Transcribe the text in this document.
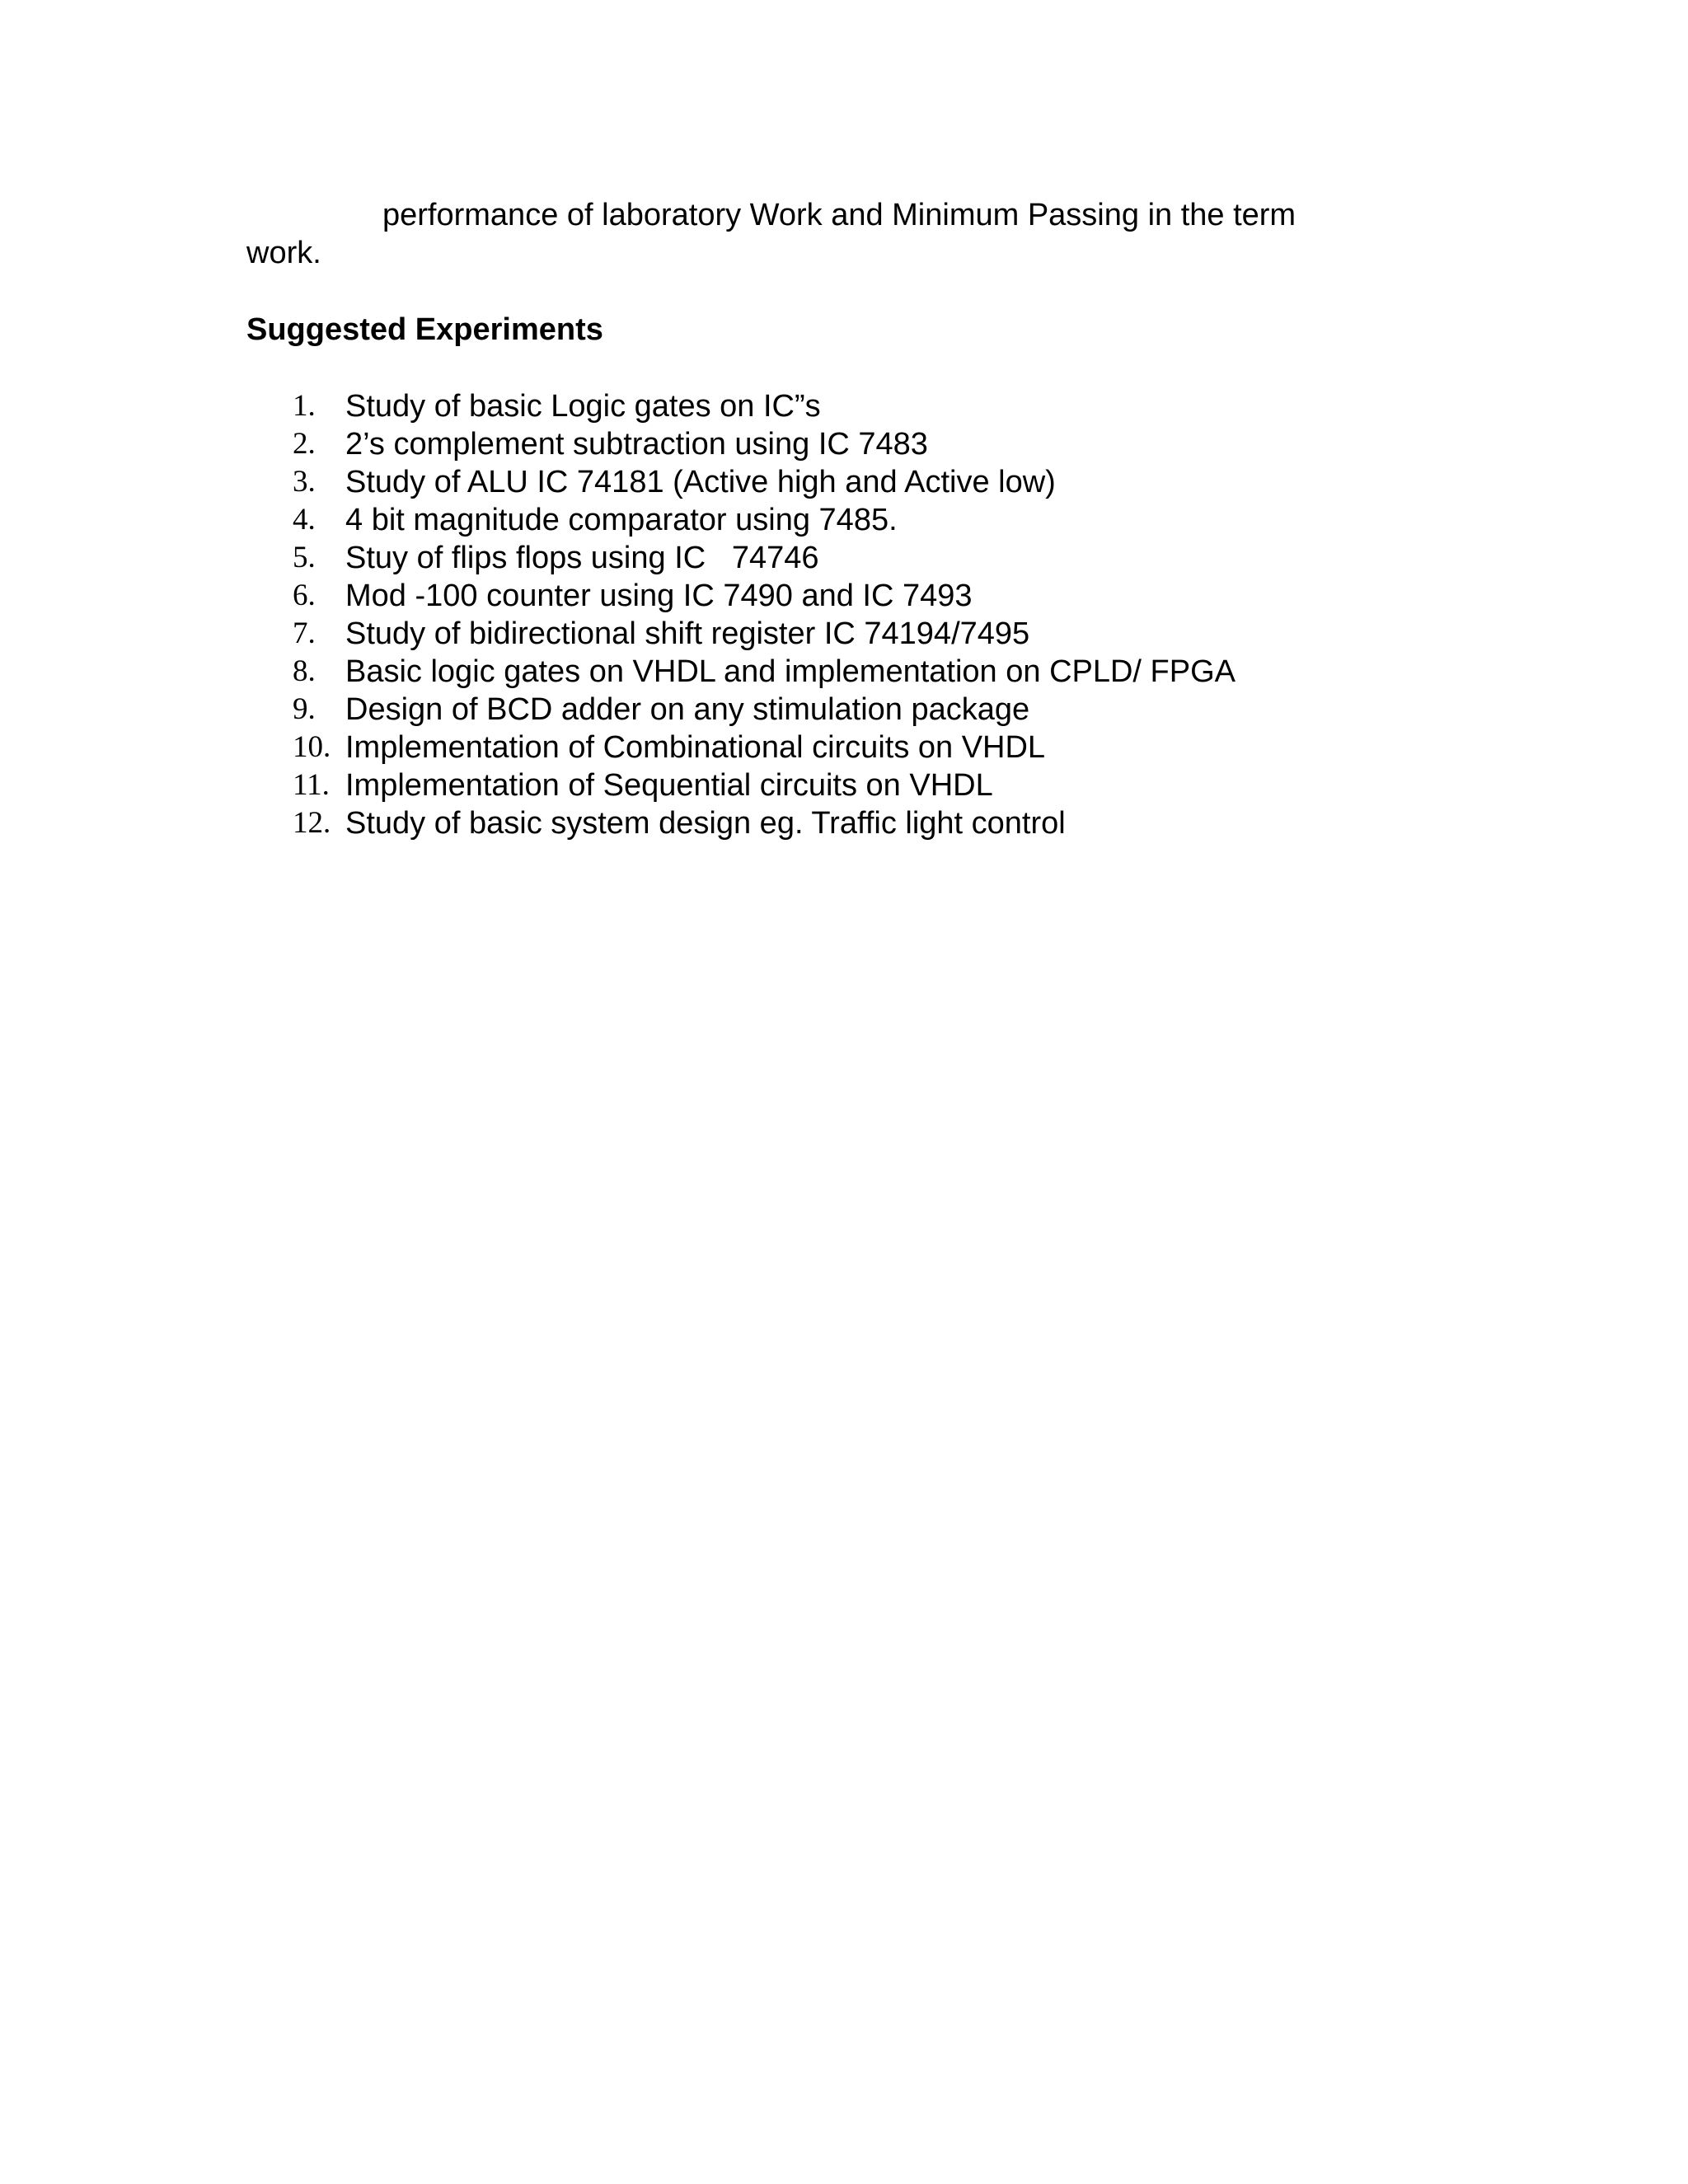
performance of laboratory Work and Minimum Passing in the term
work.
Suggested Experiments
1. Study of basic Logic gates on IC”s
2. 2’s complement subtraction using IC 7483
3. Study of ALU IC 74181 (Active high and Active low)
4. 4 bit magnitude comparator using 7485.
5. Stuy of flips flops using IC   74746
6. Mod -100 counter using IC 7490 and IC 7493
7. Study of bidirectional shift register IC 74194/7495
8. Basic logic gates on VHDL and implementation on CPLD/ FPGA
9. Design of BCD adder on any stimulation package
10. Implementation of Combinational circuits on VHDL
11. Implementation of Sequential circuits on VHDL
12. Study of basic system design eg. Traffic light control
